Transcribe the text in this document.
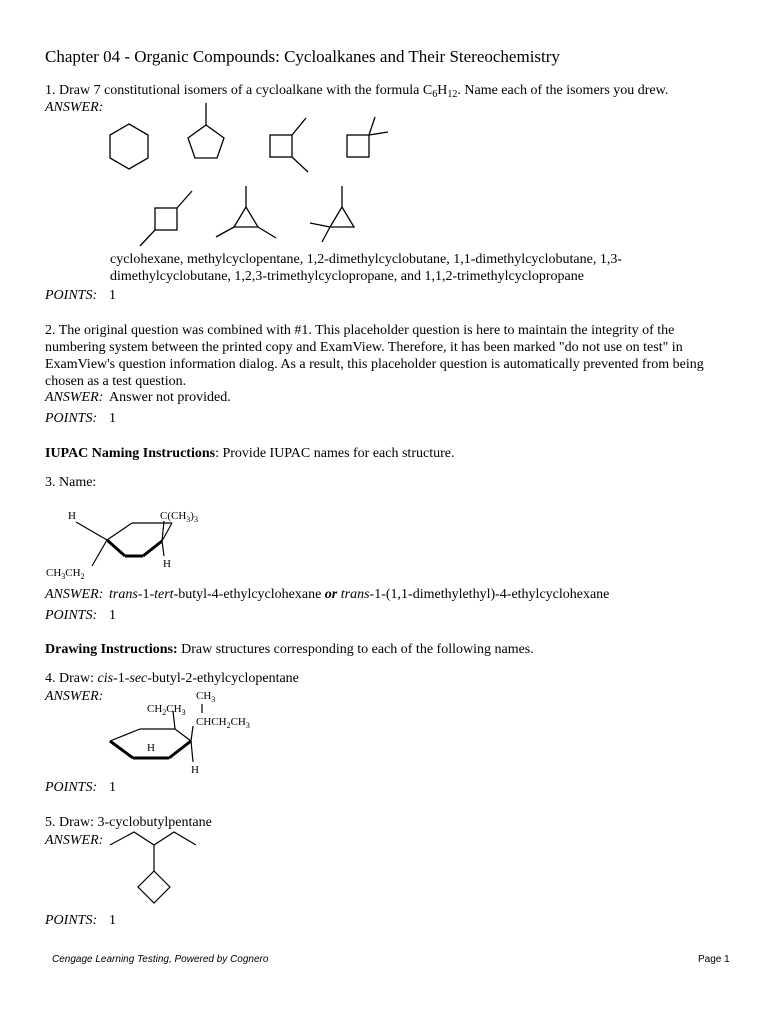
Chapter 04 - Organic Compounds: Cycloalkanes and Their Stereochemistry
1. Draw 7 constitutional isomers of a cycloalkane with the formula $C_6H_{12}$. Name each of the isomers you drew.
ANSWER:
cyclohexane, methylcyclopentane, 1,2-dimethylcyclobutane, 1,1-dimethylcyclobutane, 1,3-dimethylcyclobutane, 1,2,3-trimethylcyclopropane, and 1,1,2-trimethylcyclopropane
POINTS: 1
2. The original question was combined with #1. This placeholder question is here to maintain the integrity of the numbering system between the printed copy and ExamView. Therefore, it has been marked "do not use on test" in ExamView's question information dialog. As a result, this placeholder question is automatically prevented from being chosen as a test question.
ANSWER: Answer not provided.
POINTS: 1
IUPAC Naming Instructions: Provide IUPAC names for each structure.
3. Name:
H	$C(CH_3)_3$
H
$CH_3CH_2$
ANSWER: trans-1-tert-butyl-4-ethylcyclohexane or trans-1-(1,1-dimethylethyl)-4-ethylcyclohexane
POINTS: 1
Drawing Instructions: Draw structures corresponding to each of the following names.
4. Draw: cis-1-sec-butyl-2-ethylcyclopentane
ANSWER:	$CH_3$
$CH_2CH_3$
$CHCH_2CH_3$
H
H
POINTS: 1
5. Draw: 3-cyclobutylpentane
ANSWER:
POINTS: 1
Cengage Learning Testing, Powered by Cognero	Page 1
